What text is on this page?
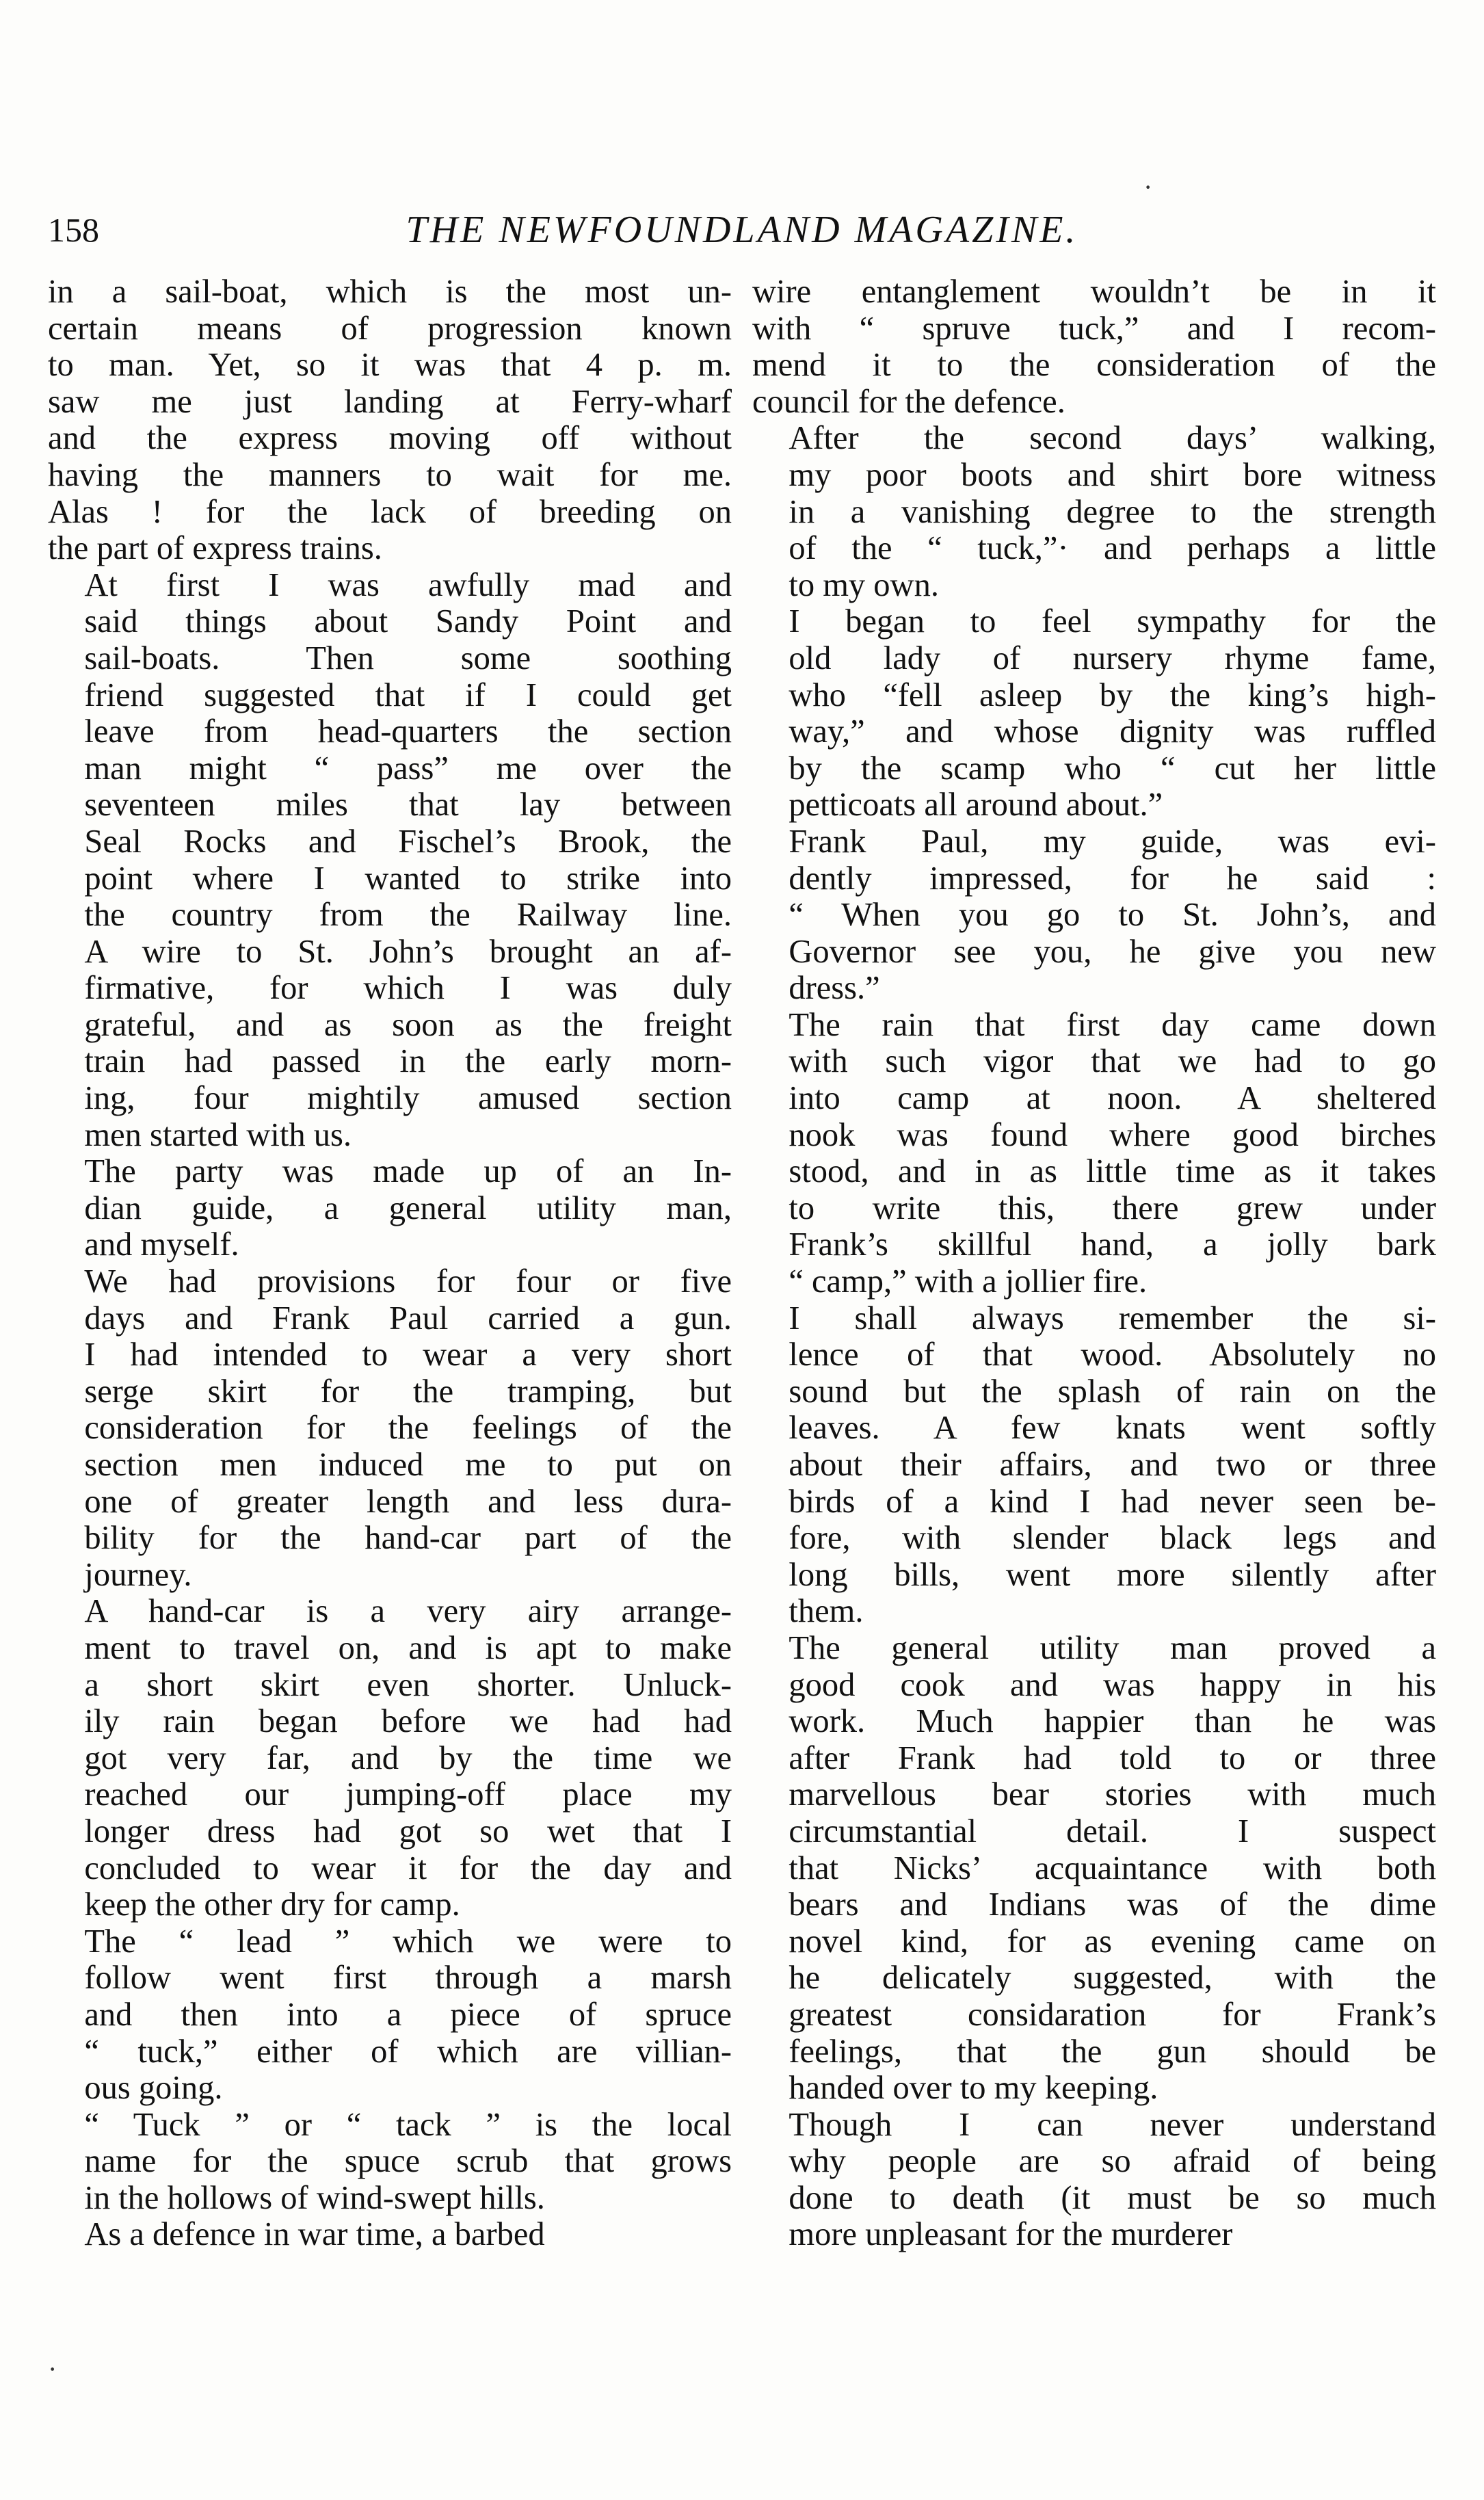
·
THE NEWFOUNDLAND MAGAZINE.
158

in a sail-boat, which is the most un-
certain means of progression known
to man. Yet, so it was that 4 p. m.
saw me just landing at Ferry-wharf
and the express moving off without
having the manners to wait for me.
Alas ! for the lack of breeding on
the part of express trains.

At first I was awfully mad and
said things about Sandy Point and
sail-boats. Then some soothing
friend suggested that if I could get
leave from head-quarters the section
man might “ pass” me over the
seventeen miles that lay between
Seal Rocks and Fischel’s Brook, the
point where I wanted to strike into
the country from the Railway line.
A wire to St. John’s brought an af-
firmative, for which I was duly
grateful, and as soon as the freight
train had passed in the early morn-
ing, four mightily amused section
men started with us.

The party was made up of an In-
dian guide, a general utility man,
and myself.

We had provisions for four or five
days and Frank Paul carried a gun.
I had intended to wear a very short
serge skirt for the tramping, but
consideration for the feelings of the
section men induced me to put on
one of greater length and less dura-
bility for the hand-car part of the
journey.

A hand-car is a very airy arrange-
ment to travel on, and is apt to make
a short skirt even shorter. Unluck-
ily rain began before we had had
got very far, and by the time we
reached our jumping-off place my
longer dress had got so wet that I
concluded to wear it for the day and
keep the other dry for camp.

The “ lead ” which we were to
follow went first through a marsh
and then into a piece of spruce
“ tuck,” either of which are villian-
ous going.

“ Tuck ” or “ tack ” is the local
name for the spuce scrub that grows
in the hollows of wind-swept hills.

As a defence in war time, a barbed

wire entanglement wouldn’t be in it
with “ spruve tuck,” and I recom-
mend it to the consideration of the
council for the defence.

After the second days’ walking,
my poor boots and shirt bore witness
in a vanishing degree to the strength
of the “ tuck,”· and perhaps a little
to my own.

I began to feel sympathy for the
old lady of nursery rhyme fame,
who “fell asleep by the king’s high-
way,” and whose dignity was ruffled
by the scamp who “ cut her little
petticoats all around about.”

Frank Paul, my guide, was evi-
dently impressed, for he said :
“ When you go to St. John’s, and
Governor see you, he give you new
dress.”

The rain that first day came down
with such vigor that we had to go
into camp at noon. A sheltered
nook was found where good birches
stood, and in as little time as it takes
to write this, there grew under
Frank’s skillful hand, a jolly bark
“ camp,” with a jollier fire.

I shall always remember the si-
lence of that wood. Absolutely no
sound but the splash of rain on the
leaves. A few knats went softly
about their affairs, and two or three
birds of a kind I had never seen be-
fore, with slender black legs and
long bills, went more silently after
them.

The general utility man proved a
good cook and was happy in his
work. Much happier than he was
after Frank had told to or three
marvellous bear stories with much
circumstantial detail. I suspect
that Nicks’ acquaintance with both
bears and Indians was of the dime
novel kind, for as evening came on
he delicately suggested, with the
greatest considaration for Frank’s
feelings, that the gun should be
handed over to my keeping.

Though I can never understand
why people are so afraid of being
done to death (it must be so much
more unpleasant for the murderer

·
